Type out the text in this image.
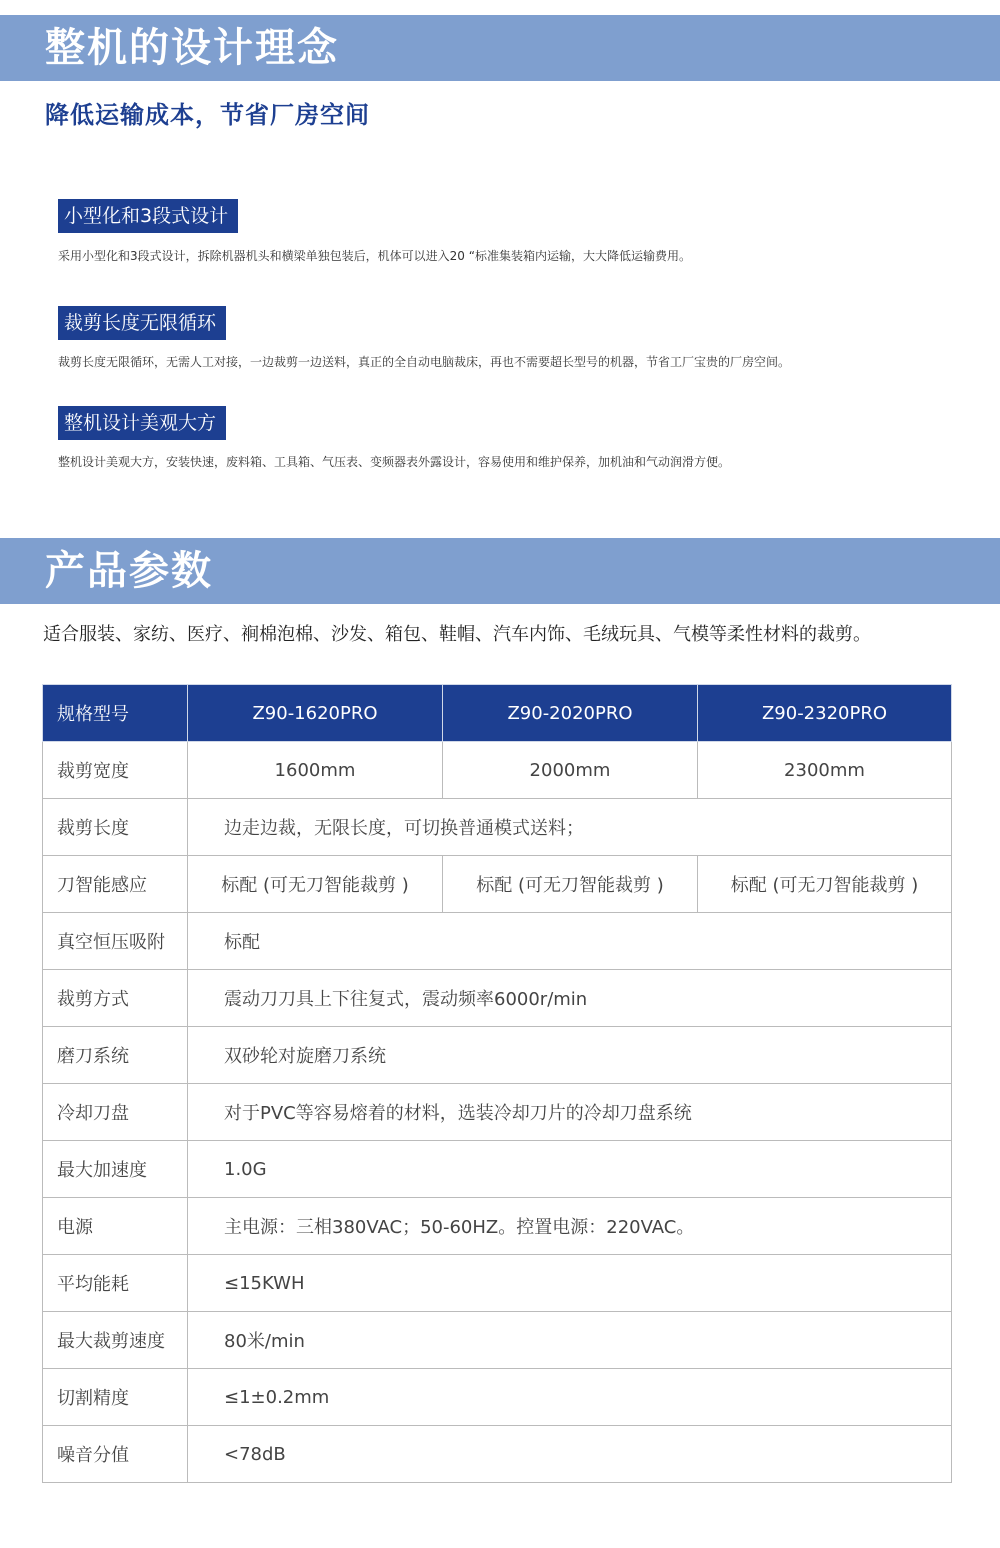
整机的设计理念
降低运输成本，节省厂房空间
小型化和3段式设计
采用小型化和3段式设计，拆除机器机头和横梁单独包装后，机体可以进入20 “标准集装箱内运输，大大降低运输费用。
裁剪长度无限循环
裁剪长度无限循环，无需人工对接，一边裁剪一边送料，真正的全自动电脑裁床，再也不需要超长型号的机器，节省工厂宝贵的厂房空间。
整机设计美观大方
整机设计美观大方，安装快速，废料箱、工具箱、气压表、变频器表外露设计，容易使用和维护保养，加机油和气动润滑方便。
产品参数
适合服装、家纺、医疗、裥棉泡棉、沙发、箱包、鞋帽、汽车内饰、毛绒玩具、气模等柔性材料的裁剪。
规格型号	Z90-1620PRO	Z90-2020PRO	Z90-2320PRO
裁剪宽度	1600mm	2000mm	2300mm
裁剪长度	边走边裁，无限长度，可切换普通模式送料；		
刀智能感应	标配 (可无刀智能裁剪 )	标配 (可无刀智能裁剪 )	标配 (可无刀智能裁剪 )
真空恒压吸附	标配		
裁剪方式	震动刀刀具上下往复式，震动频率6000r/min		
磨刀系统	双砂轮对旋磨刀系统		
冷却刀盘	对于PVC等容易熔着的材料，选装冷却刀片的冷却刀盘系统		
最大加速度	1.0G		
电源	主电源：三相380VAC；50-60HZ。控置电源：220VAC。		
平均能耗	≤15KWH		
最大裁剪速度	80米/min		
切割精度	≤1±0.2mm		
噪音分值	<78dB		
